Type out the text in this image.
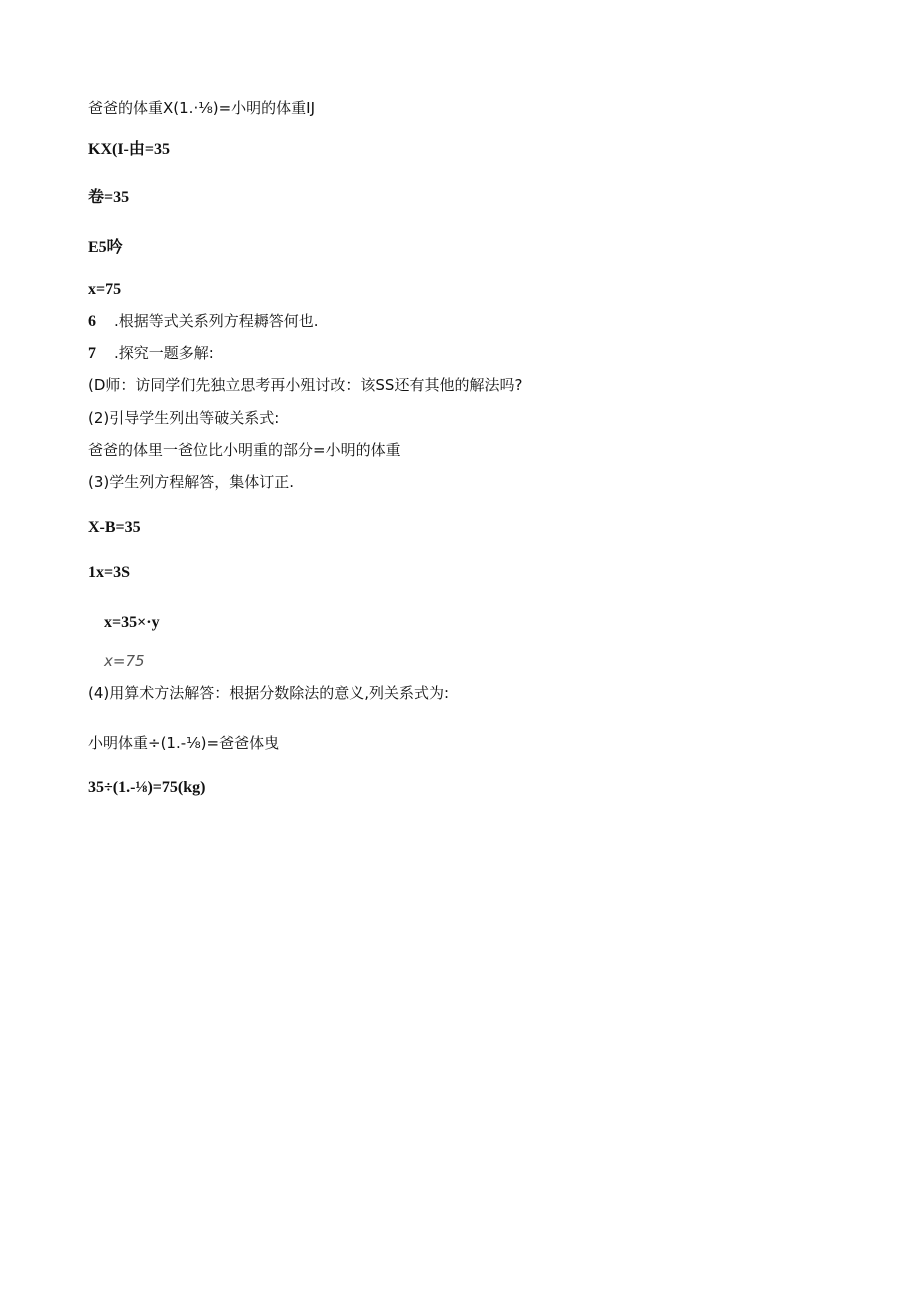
爸爸的体重X(1.·⅛)=小明的体重IJ

KX(I-由=35

卷=35

E5吟

x=75

6 .根据等式关系列方程耨答何也.

7 .探究一题多解:

(D师：访同学们先独立思考再小殂讨改：该SS还有其他的解法吗?

(2)引导学生列出等破关系式:

爸爸的体里一爸位比小明重的部分=小明的体重

(3)学生列方程解答，集体订正.

X-B=35

1x=3S

x=35×·y

x=75

(4)用算术方法解答：根据分数除法的意义,列关系式为:

小明体重÷(1.-⅛)=爸爸体曳

35÷(1.-⅛)=75(kg)
